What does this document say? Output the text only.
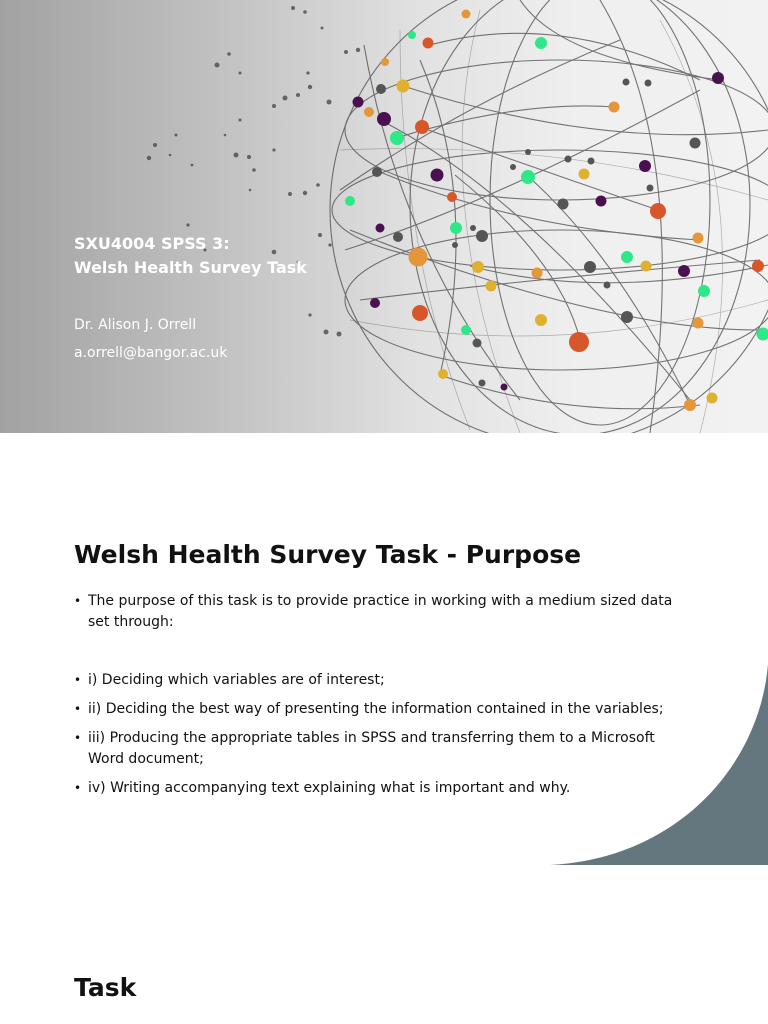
SXU4004 SPSS 3:
Welsh Health Survey Task
Dr. Alison J. Orrell
a.orrell@bangor.ac.uk
Welsh Health Survey Task - Purpose
• The purpose of this task is to provide practice in working with a medium sized data set through:
• i) Deciding which variables are of interest;
• ii) Deciding the best way of presenting the information contained in the variables;
• iii) Producing the appropriate tables in SPSS and transferring them to a Microsoft Word document;
• iv) Writing accompanying text explaining what is important and why.
Task
